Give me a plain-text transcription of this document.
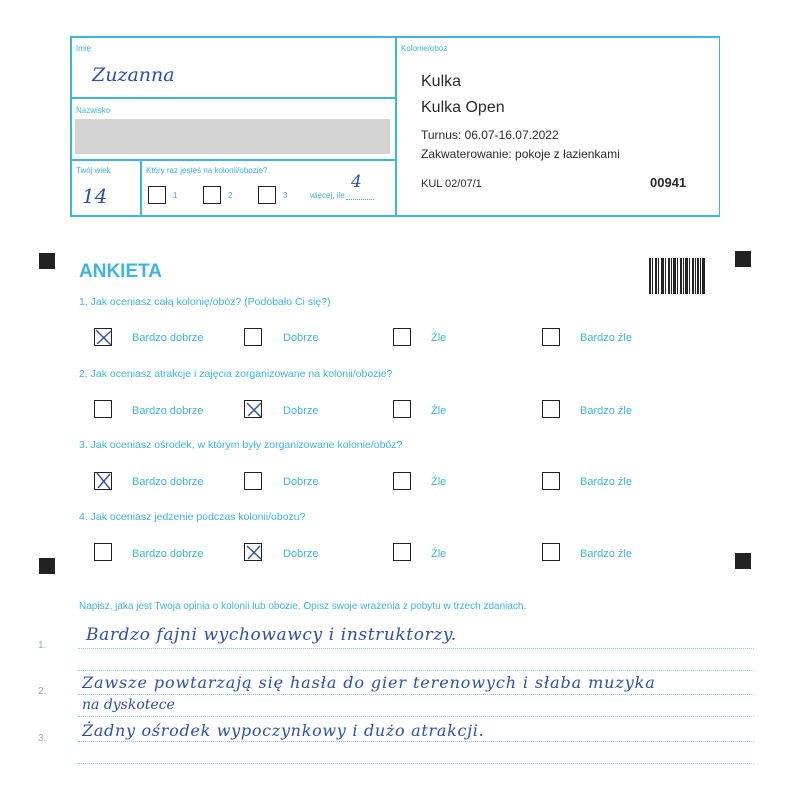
Imię
Zuzanna
Nazwisko
Twój wiek
14
Który raz jesteś na kolonii/obozie?
1	2	3	więcej, ile
4
Kolonie/obóz
Kulka
Kulka Open
Turnus: 06.07-16.07.2022
Zakwaterowanie: pokoje z łazienkami
KUL 02/07/1	00941
ANKIETA
1. Jak oceniasz całą kolonię/obóz? (Podobało Ci się?)
Bardzo dobrze	Dobrze	Źle	Bardzo źle
2. Jak oceniasz atrakcje i zajęcia zorganizowane na kolonii/obozie?
Bardzo dobrze	Dobrze	Źle	Bardzo źle
3. Jak oceniasz ośrodek, w którym były zorganizowane kolonie/obóz?
Bardzo dobrze	Dobrze	Źle	Bardzo źle
4. Jak oceniasz jedzenie podczas kolonii/obozu?
Bardzo dobrze	Dobrze	Źle	Bardzo źle
Napisz, jaka jest Twoja opinia o kolonii lub obozie. Opisz swoje wrażenia z pobytu w trzech zdaniach.
1.
2.
3.
Bardzo fajni wychowawcy i instruktorzy.
Zawsze powtarzają się hasła do gier terenowych i słaba muzyka
na dyskotece
Żadny ośrodek wypoczynkowy i dużo atrakcji.
